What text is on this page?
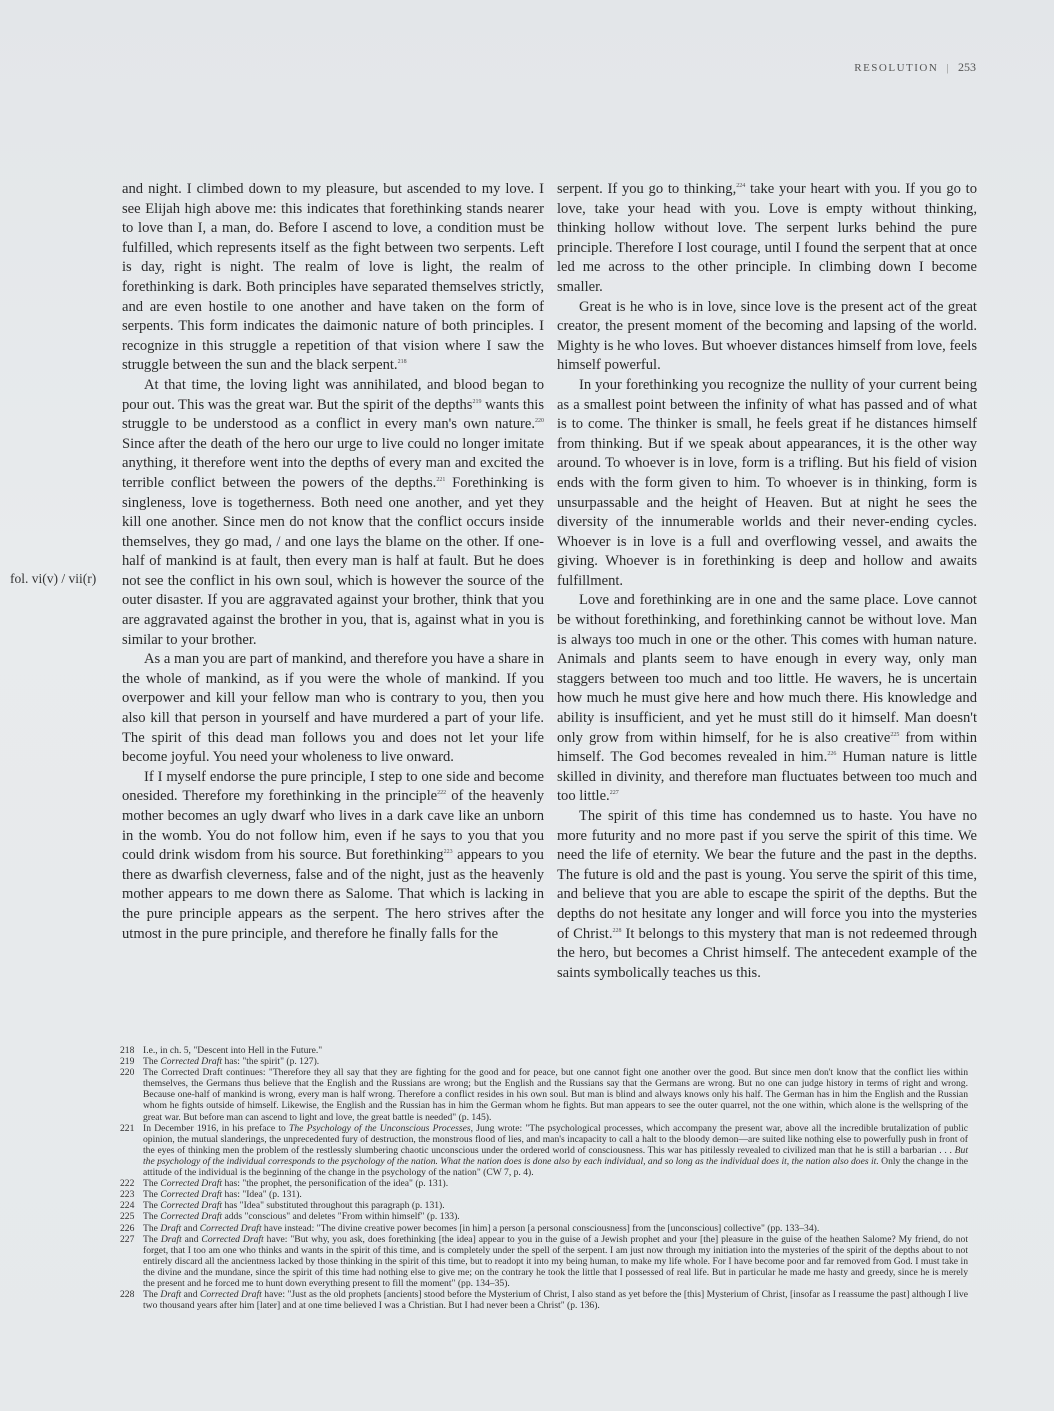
RESOLUTION | 253
fol. vi(v) / vii(r)

and night. I climbed down to my pleasure, but ascended to my love. I see Elijah high above me: this indicates that forethinking stands nearer to love than I, a man, do. Before I ascend to love, a condition must be fulfilled, which represents itself as the fight between two serpents. Left is day, right is night. The realm of love is light, the realm of forethinking is dark. Both principles have separated themselves strictly, and are even hostile to one another and have taken on the form of serpents. This form indicates the daimonic nature of both principles. I recognize in this struggle a repetition of that vision where I saw the struggle between the sun and the black serpent.$^{218}$

At that time, the loving light was annihilated, and blood began to pour out. This was the great war. But the spirit of the depths$^{219}$ wants this struggle to be understood as a conflict in every man's own nature.$^{220}$ Since after the death of the hero our urge to live could no longer imitate anything, it therefore went into the depths of every man and excited the terrible conflict between the powers of the depths.$^{221}$ Forethinking is singleness, love is togetherness. Both need one another, and yet they kill one another. Since men do not know that the conflict occurs inside themselves, they go mad, / and one lays the blame on the other. If one-half of mankind is at fault, then every man is half at fault. But he does not see the conflict in his own soul, which is however the source of the outer disaster. If you are aggravated against your brother, think that you are aggravated against the brother in you, that is, against what in you is similar to your brother.

As a man you are part of mankind, and therefore you have a share in the whole of mankind, as if you were the whole of mankind. If you overpower and kill your fellow man who is contrary to you, then you also kill that person in yourself and have murdered a part of your life. The spirit of this dead man follows you and does not let your life become joyful. You need your wholeness to live onward.

If I myself endorse the pure principle, I step to one side and become onesided. Therefore my forethinking in the principle$^{222}$ of the heavenly mother becomes an ugly dwarf who lives in a dark cave like an unborn in the womb. You do not follow him, even if he says to you that you could drink wisdom from his source. But forethinking$^{223}$ appears to you there as dwarfish cleverness, false and of the night, just as the heavenly mother appears to me down there as Salome. That which is lacking in the pure principle appears as the serpent. The hero strives after the utmost in the pure principle, and therefore he finally falls for the

serpent. If you go to thinking,$^{224}$ take your heart with you. If you go to love, take your head with you. Love is empty without thinking, thinking hollow without love. The serpent lurks behind the pure principle. Therefore I lost courage, until I found the serpent that at once led me across to the other principle. In climbing down I become smaller.

Great is he who is in love, since love is the present act of the great creator, the present moment of the becoming and lapsing of the world. Mighty is he who loves. But whoever distances himself from love, feels himself powerful.

In your forethinking you recognize the nullity of your current being as a smallest point between the infinity of what has passed and of what is to come. The thinker is small, he feels great if he distances himself from thinking. But if we speak about appearances, it is the other way around. To whoever is in love, form is a trifling. But his field of vision ends with the form given to him. To whoever is in thinking, form is unsurpassable and the height of Heaven. But at night he sees the diversity of the innumerable worlds and their never-ending cycles. Whoever is in love is a full and overflowing vessel, and awaits the giving. Whoever is in forethinking is deep and hollow and awaits fulfillment.

Love and forethinking are in one and the same place. Love cannot be without forethinking, and forethinking cannot be without love. Man is always too much in one or the other. This comes with human nature. Animals and plants seem to have enough in every way, only man staggers between too much and too little. He wavers, he is uncertain how much he must give here and how much there. His knowledge and ability is insufficient, and yet he must still do it himself. Man doesn't only grow from within himself, for he is also creative$^{225}$ from within himself. The God becomes revealed in him.$^{226}$ Human nature is little skilled in divinity, and therefore man fluctuates between too much and too little.$^{227}$

The spirit of this time has condemned us to haste. You have no more futurity and no more past if you serve the spirit of this time. We need the life of eternity. We bear the future and the past in the depths. The future is old and the past is young. You serve the spirit of this time, and believe that you are able to escape the spirit of the depths. But the depths do not hesitate any longer and will force you into the mysteries of Christ.$^{228}$ It belongs to this mystery that man is not redeemed through the hero, but becomes a Christ himself. The antecedent example of the saints symbolically teaches us this.

218 I.e., in ch. 5, "Descent into Hell in the Future."
219 The Corrected Draft has: "the spirit" (p. 127).
220 The Corrected Draft continues: "Therefore they all say that they are fighting for the good and for peace, but one cannot fight one another over the good. But since men don't know that the conflict lies within themselves, the Germans thus believe that the English and the Russians are wrong; but the English and the Russians say that the Germans are wrong. But no one can judge history in terms of right and wrong. Because one-half of mankind is wrong, every man is half wrong. Therefore a conflict resides in his own soul. But man is blind and always knows only his half. The German has in him the English and the Russian whom he fights outside of himself. Likewise, the English and the Russian has in him the German whom he fights. But man appears to see the outer quarrel, not the one within, which alone is the wellspring of the great war. But before man can ascend to light and love, the great battle is needed" (p. 145).
221 In December 1916, in his preface to The Psychology of the Unconscious Processes, Jung wrote: "The psychological processes, which accompany the present war, above all the incredible brutalization of public opinion, the mutual slanderings, the unprecedented fury of destruction, the monstrous flood of lies, and man's incapacity to call a halt to the bloody demon—are suited like nothing else to powerfully push in front of the eyes of thinking men the problem of the restlessly slumbering chaotic unconscious under the ordered world of consciousness. This war has pitilessly revealed to civilized man that he is still a barbarian . . . But the psychology of the individual corresponds to the psychology of the nation. What the nation does is done also by each individual, and so long as the individual does it, the nation also does it. Only the change in the attitude of the individual is the beginning of the change in the psychology of the nation" (CW 7, p. 4).
222 The Corrected Draft has: "the prophet, the personification of the idea" (p. 131).
223 The Corrected Draft has: "Idea" (p. 131).
224 The Corrected Draft has "Idea" substituted throughout this paragraph (p. 131).
225 The Corrected Draft adds "conscious" and deletes "From within himself" (p. 133).
226 The Draft and Corrected Draft have instead: "The divine creative power becomes [in him] a person [a personal consciousness] from the [unconscious] collective" (pp. 133–34).
227 The Draft and Corrected Draft have: "But why, you ask, does forethinking [the idea] appear to you in the guise of a Jewish prophet and your [the] pleasure in the guise of the heathen Salome? My friend, do not forget, that I too am one who thinks and wants in the spirit of this time, and is completely under the spell of the serpent. I am just now through my initiation into the mysteries of the spirit of the depths about to not entirely discard all the ancientness lacked by those thinking in the spirit of this time, but to readopt it into my being human, to make my life whole. For I have become poor and far removed from God. I must take in the divine and the mundane, since the spirit of this time had nothing else to give me; on the contrary he took the little that I possessed of real life. But in particular he made me hasty and greedy, since he is merely the present and he forced me to hunt down everything present to fill the moment" (pp. 134–35).
228 The Draft and Corrected Draft have: "Just as the old prophets [ancients] stood before the Mysterium of Christ, I also stand as yet before the [this] Mysterium of Christ, [insofar as I reassume the past] although I live two thousand years after him [later] and at one time believed I was a Christian. But I had never been a Christ" (p. 136).
